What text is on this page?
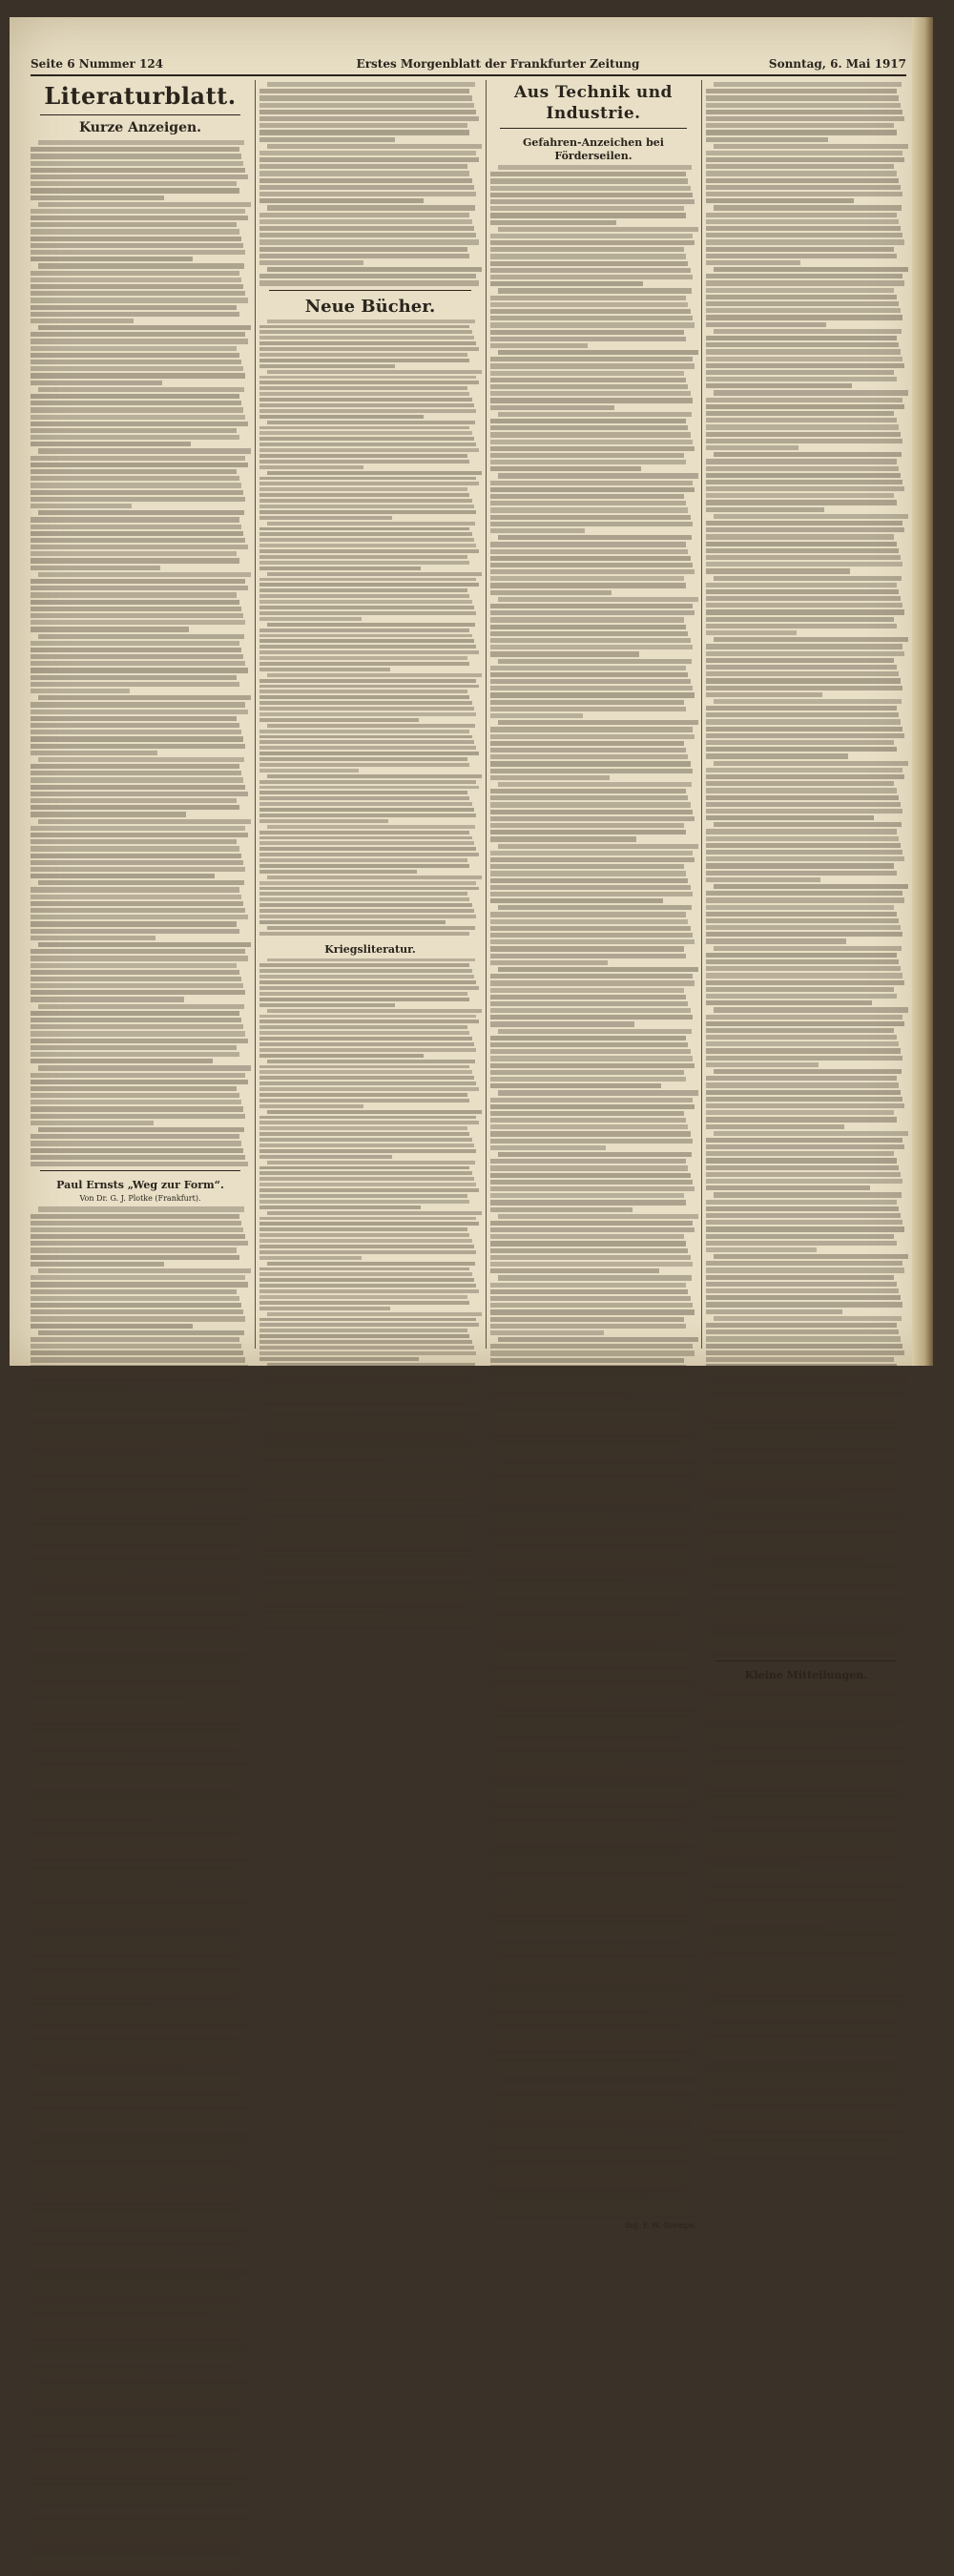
Seite 6 Nummer 124	Erstes Morgenblatt der Frankfurter Zeitung	Sonntag, 6. Mai 1917
Literaturblatt.
Kurze Anzeigen.
Paul Ernsts „Weg zur Form“.
Von Dr. G. J. Plotke (Frankfurt).
Neue Bücher.
Kriegsliteratur.
Aus Technik und Industrie.
Gefahren-Anzeichen bei Förderseilen.
Ing. F. W. Grempe.
Kleine Mitteilungen.
